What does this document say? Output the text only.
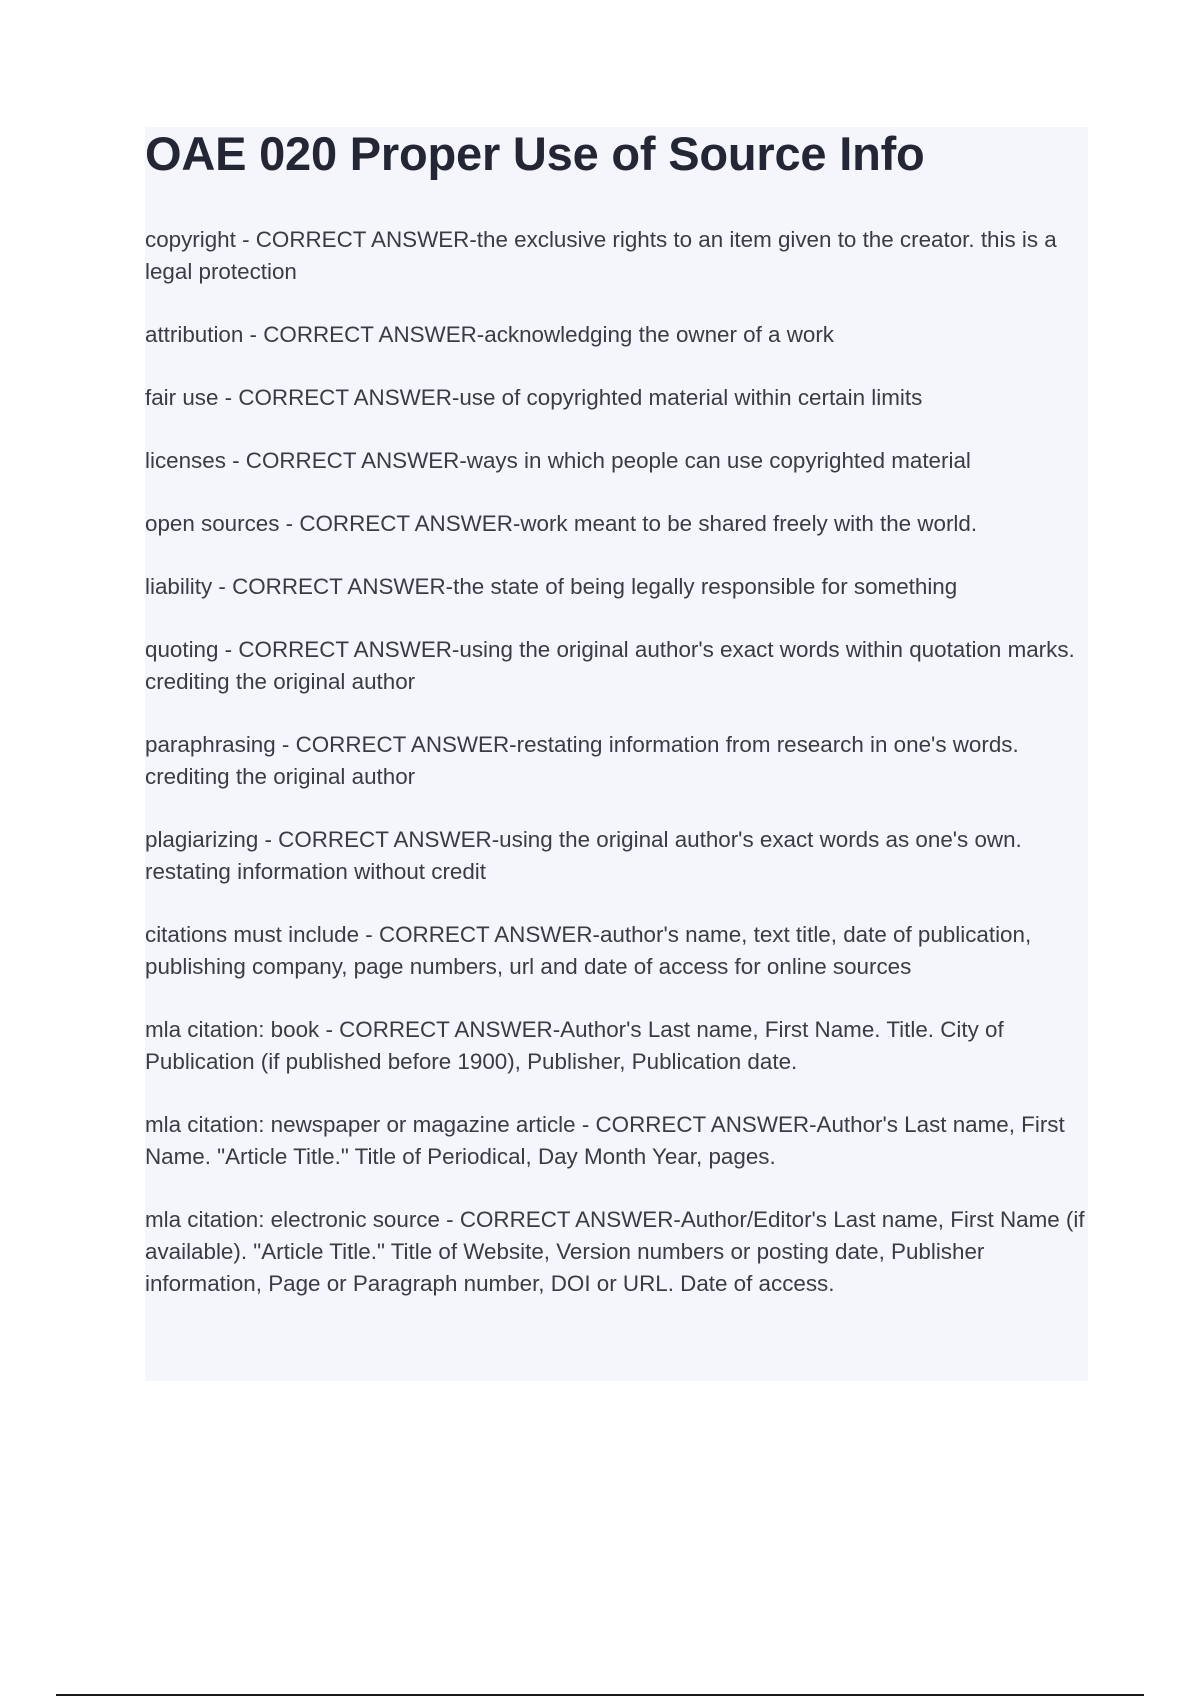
OAE 020 Proper Use of Source Info
copyright - CORRECT ANSWER-the exclusive rights to an item given to the creator. this is a legal protection
attribution - CORRECT ANSWER-acknowledging the owner of a work
fair use - CORRECT ANSWER-use of copyrighted material within certain limits
licenses - CORRECT ANSWER-ways in which people can use copyrighted material
open sources - CORRECT ANSWER-work meant to be shared freely with the world.
liability - CORRECT ANSWER-the state of being legally responsible for something
quoting - CORRECT ANSWER-using the original author's exact words within quotation marks. crediting the original author
paraphrasing - CORRECT ANSWER-restating information from research in one's words. crediting the original author
plagiarizing - CORRECT ANSWER-using the original author's exact words as one's own. restating information without credit
citations must include - CORRECT ANSWER-author's name, text title, date of publication, publishing company, page numbers, url and date of access for online sources
mla citation: book - CORRECT ANSWER-Author's Last name, First Name. Title. City of Publication (if published before 1900), Publisher, Publication date.
mla citation: newspaper or magazine article - CORRECT ANSWER-Author's Last name, First Name. "Article Title." Title of Periodical, Day Month Year, pages.
mla citation: electronic source - CORRECT ANSWER-Author/Editor's Last name, First Name (if available). "Article Title." Title of Website, Version numbers or posting date, Publisher information, Page or Paragraph number, DOI or URL. Date of access.
